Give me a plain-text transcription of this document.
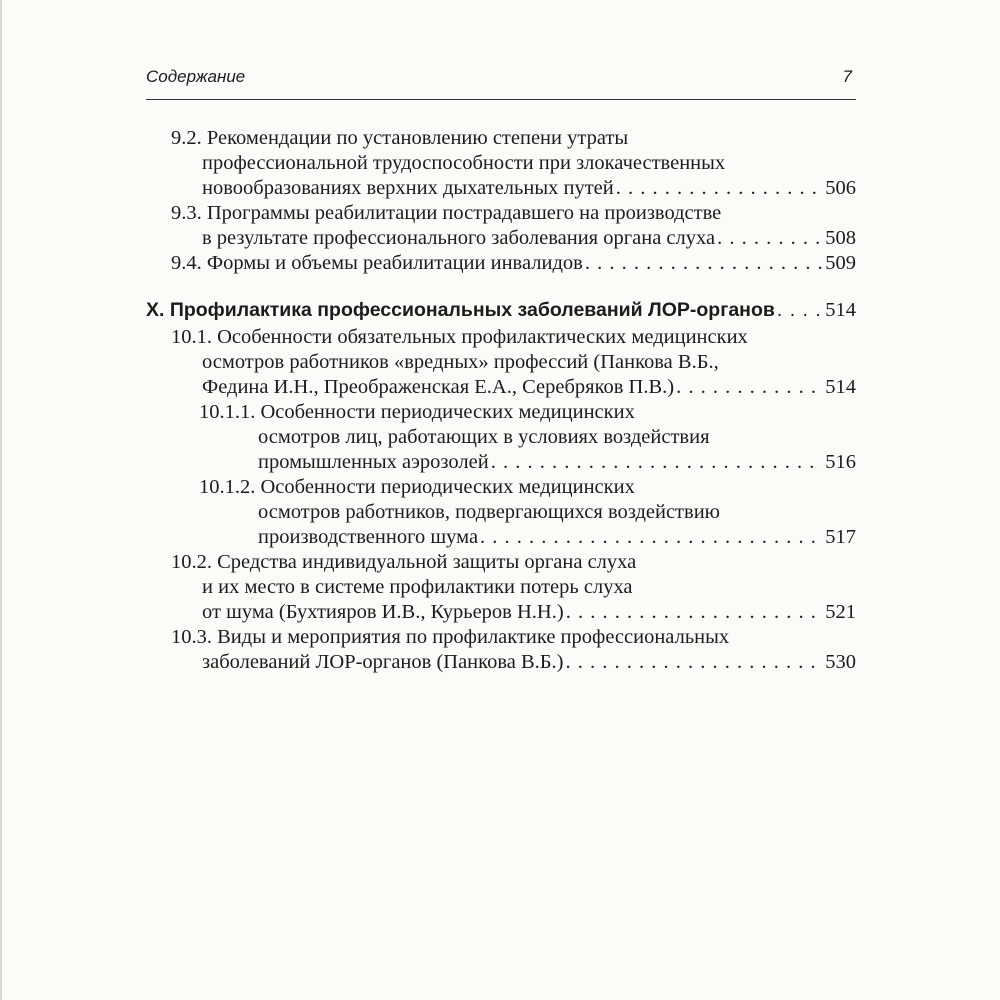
Содержание	7
9.2. Рекомендации по установлению степени утраты
профессиональной трудоспособности при злокачественных
новообразованиях верхних дыхательных путей . . .	506
9.3. Программы реабилитации пострадавшего на производстве
в результате профессионального заболевания органа слуха . . .	508
9.4. Формы и объемы реабилитации инвалидов . . .	509
X. Профилактика профессиональных заболеваний ЛОР-органов . . . 514
10.1. Особенности обязательных профилактических медицинских
осмотров работников «вредных» профессий (Панкова В.Б.,
Федина И.Н., Преображенская Е.А., Серебряков П.В.) . . .	514
10.1.1. Особенности периодических медицинских
осмотров лиц, работающих в условиях воздействия
промышленных аэрозолей . . .	516
10.1.2. Особенности периодических медицинских
осмотров работников, подвергающихся воздействию
производственного шума . . .	517
10.2. Средства индивидуальной защиты органа слуха
и их место в системе профилактики потерь слуха
от шума (Бухтияров И.В., Курьеров Н.Н.) . . .	521
10.3. Виды и мероприятия по профилактике профессиональных
заболеваний ЛОР-органов (Панкова В.Б.) . . .	530
